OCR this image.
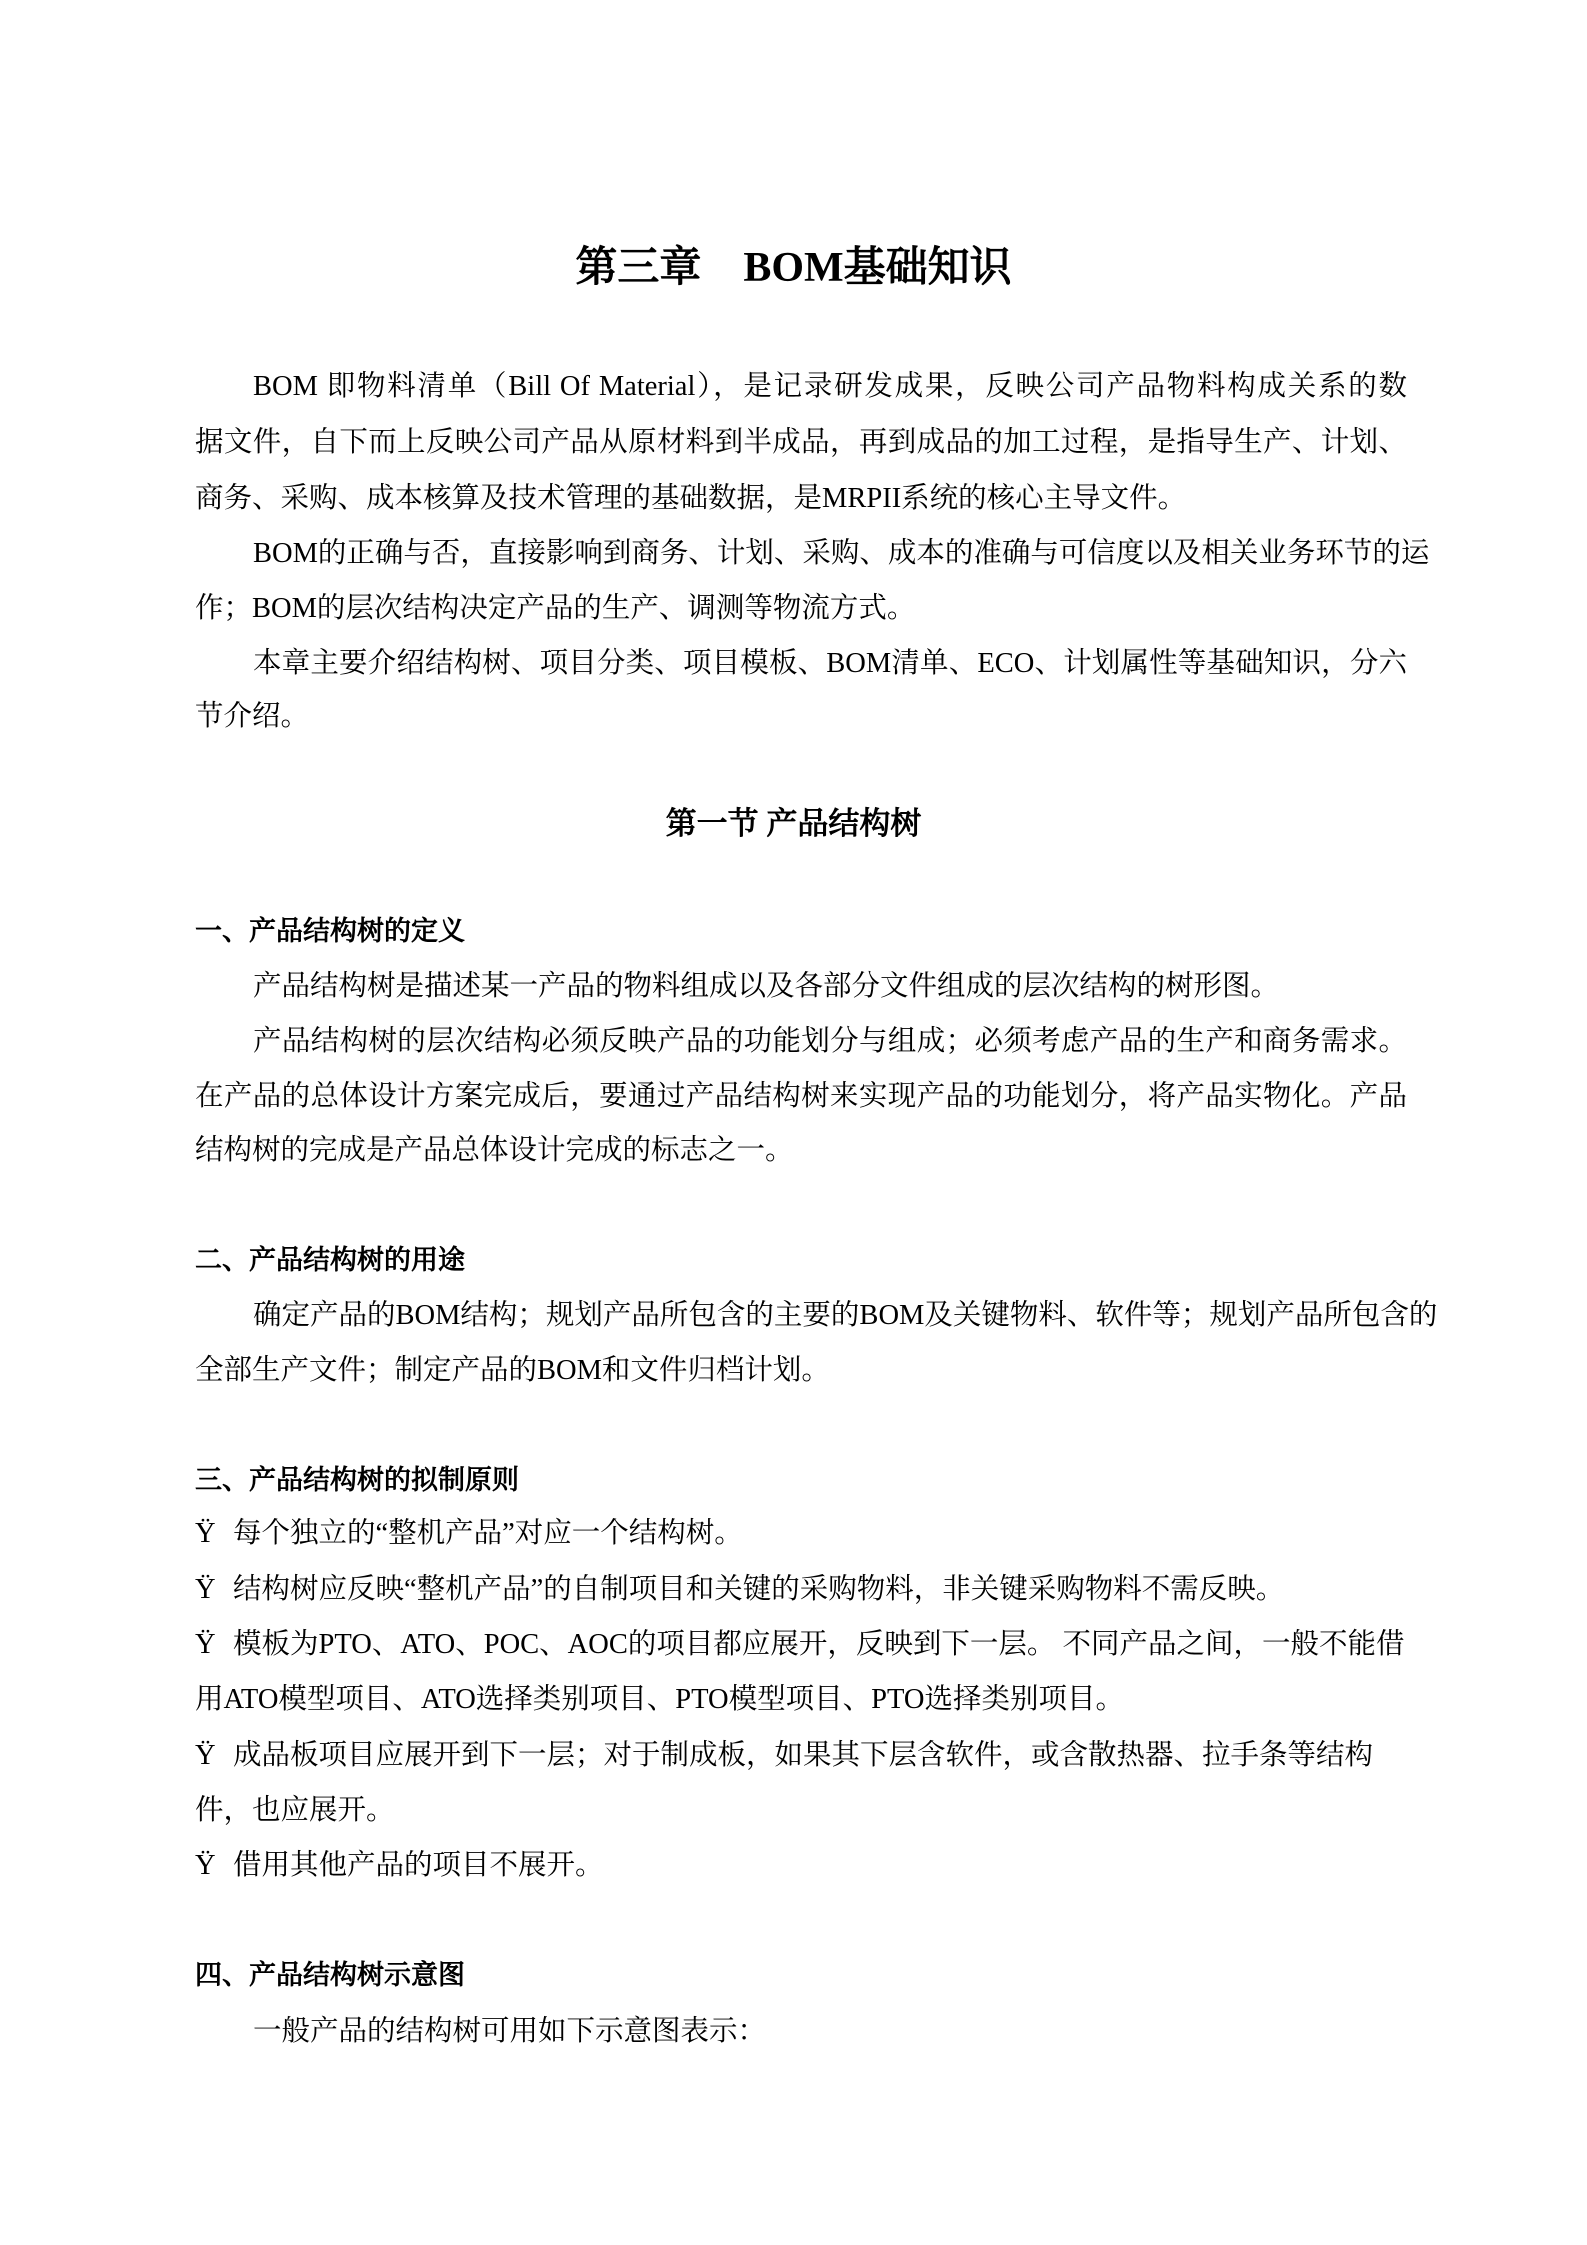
第三章　BOM基础知识
BOM 即物料清单（Bill Of Material），是记录研发成果，反映公司产品物料构成关系的数
据文件，自下而上反映公司产品从原材料到半成品，再到成品的加工过程，是指导生产、计划、
商务、采购、成本核算及技术管理的基础数据，是MRPII系统的核心主导文件。
BOM的正确与否，直接影响到商务、计划、采购、成本的准确与可信度以及相关业务环节的运
作；BOM的层次结构决定产品的生产、调测等物流方式。
本章主要介绍结构树、项目分类、项目模板、BOM清单、ECO、计划属性等基础知识，分六
节介绍。
第一节 产品结构树
一、产品结构树的定义
产品结构树是描述某一产品的物料组成以及各部分文件组成的层次结构的树形图。
产品结构树的层次结构必须反映产品的功能划分与组成；必须考虑产品的生产和商务需求。
在产品的总体设计方案完成后，要通过产品结构树来实现产品的功能划分，将产品实物化。产品
结构树的完成是产品总体设计完成的标志之一。
二、产品结构树的用途
确定产品的BOM结构；规划产品所包含的主要的BOM及关键物料、软件等；规划产品所包含的
全部生产文件；制定产品的BOM和文件归档计划。
三、产品结构树的拟制原则
Ÿ 每个独立的“整机产品”对应一个结构树。
Ÿ 结构树应反映“整机产品”的自制项目和关键的采购物料，非关键采购物料不需反映。
Ÿ 模板为PTO、ATO、POC、AOC的项目都应展开，反映到下一层。 不同产品之间，一般不能借
用ATO模型项目、ATO选择类别项目、PTO模型项目、PTO选择类别项目。
Ÿ 成品板项目应展开到下一层；对于制成板，如果其下层含软件，或含散热器、拉手条等结构
件，也应展开。
Ÿ 借用其他产品的项目不展开。
四、产品结构树示意图
一般产品的结构树可用如下示意图表示：
